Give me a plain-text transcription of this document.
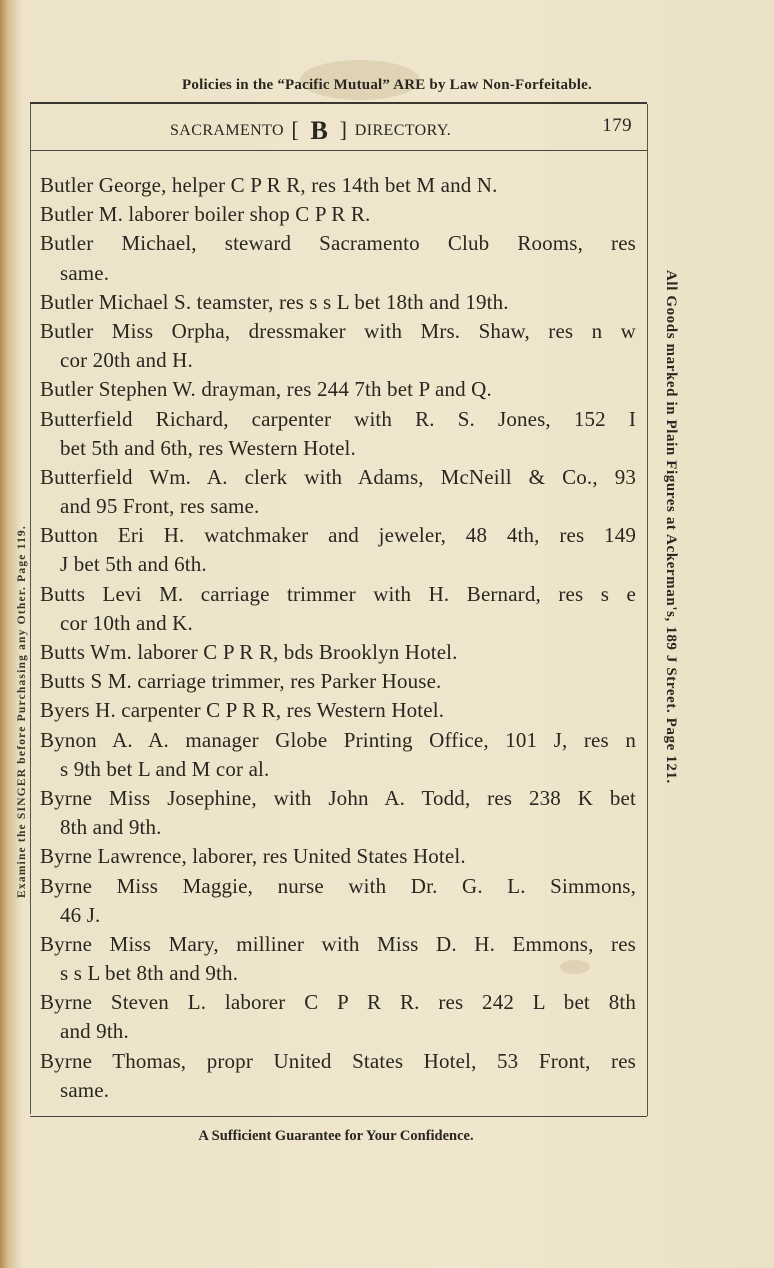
Policies in the “Pacific Mutual” ARE by Law Non-Forfeitable.
SACRAMENTO [ B ] DIRECTORY.	179
Butler George, helper C P R R, res 14th bet M and N.
Butler M. laborer boiler shop C P R R.
Butler Michael, steward Sacramento Club Rooms, res
same.
Butler Michael S. teamster, res s s L bet 18th and 19th.
Butler Miss Orpha, dressmaker with Mrs. Shaw, res n w
cor 20th and H.
Butler Stephen W. drayman, res 244 7th bet P and Q.
Butterfield Richard, carpenter with R. S. Jones, 152 I
bet 5th and 6th, res Western Hotel.
Butterfield Wm. A. clerk with Adams, McNeill & Co., 93
and 95 Front, res same.
Button Eri H. watchmaker and jeweler, 48 4th, res 149
J bet 5th and 6th.
Butts Levi M. carriage trimmer with H. Bernard, res s e
cor 10th and K.
Butts Wm. laborer C P R R, bds Brooklyn Hotel.
Butts S M. carriage trimmer, res Parker House.
Byers H. carpenter C P R R, res Western Hotel.
Bynon A. A. manager Globe Printing Office, 101 J, res n
s 9th bet L and M cor al.
Byrne Miss Josephine, with John A. Todd, res 238 K bet
8th and 9th.
Byrne Lawrence, laborer, res United States Hotel.
Byrne Miss Maggie, nurse with Dr. G. L. Simmons,
46 J.
Byrne Miss Mary, milliner with Miss D. H. Emmons, res
s s L bet 8th and 9th.
Byrne Steven L. laborer C P R R. res 242 L bet 8th
and 9th.
Byrne Thomas, propr United States Hotel, 53 Front, res
same.
A Sufficient Guarantee for Your Confidence.
Examine the SINGER before Purchasing any Other. Page 119.	All Goods marked in Plain Figures at Ackerman's, 189 J Street. Page 121.
